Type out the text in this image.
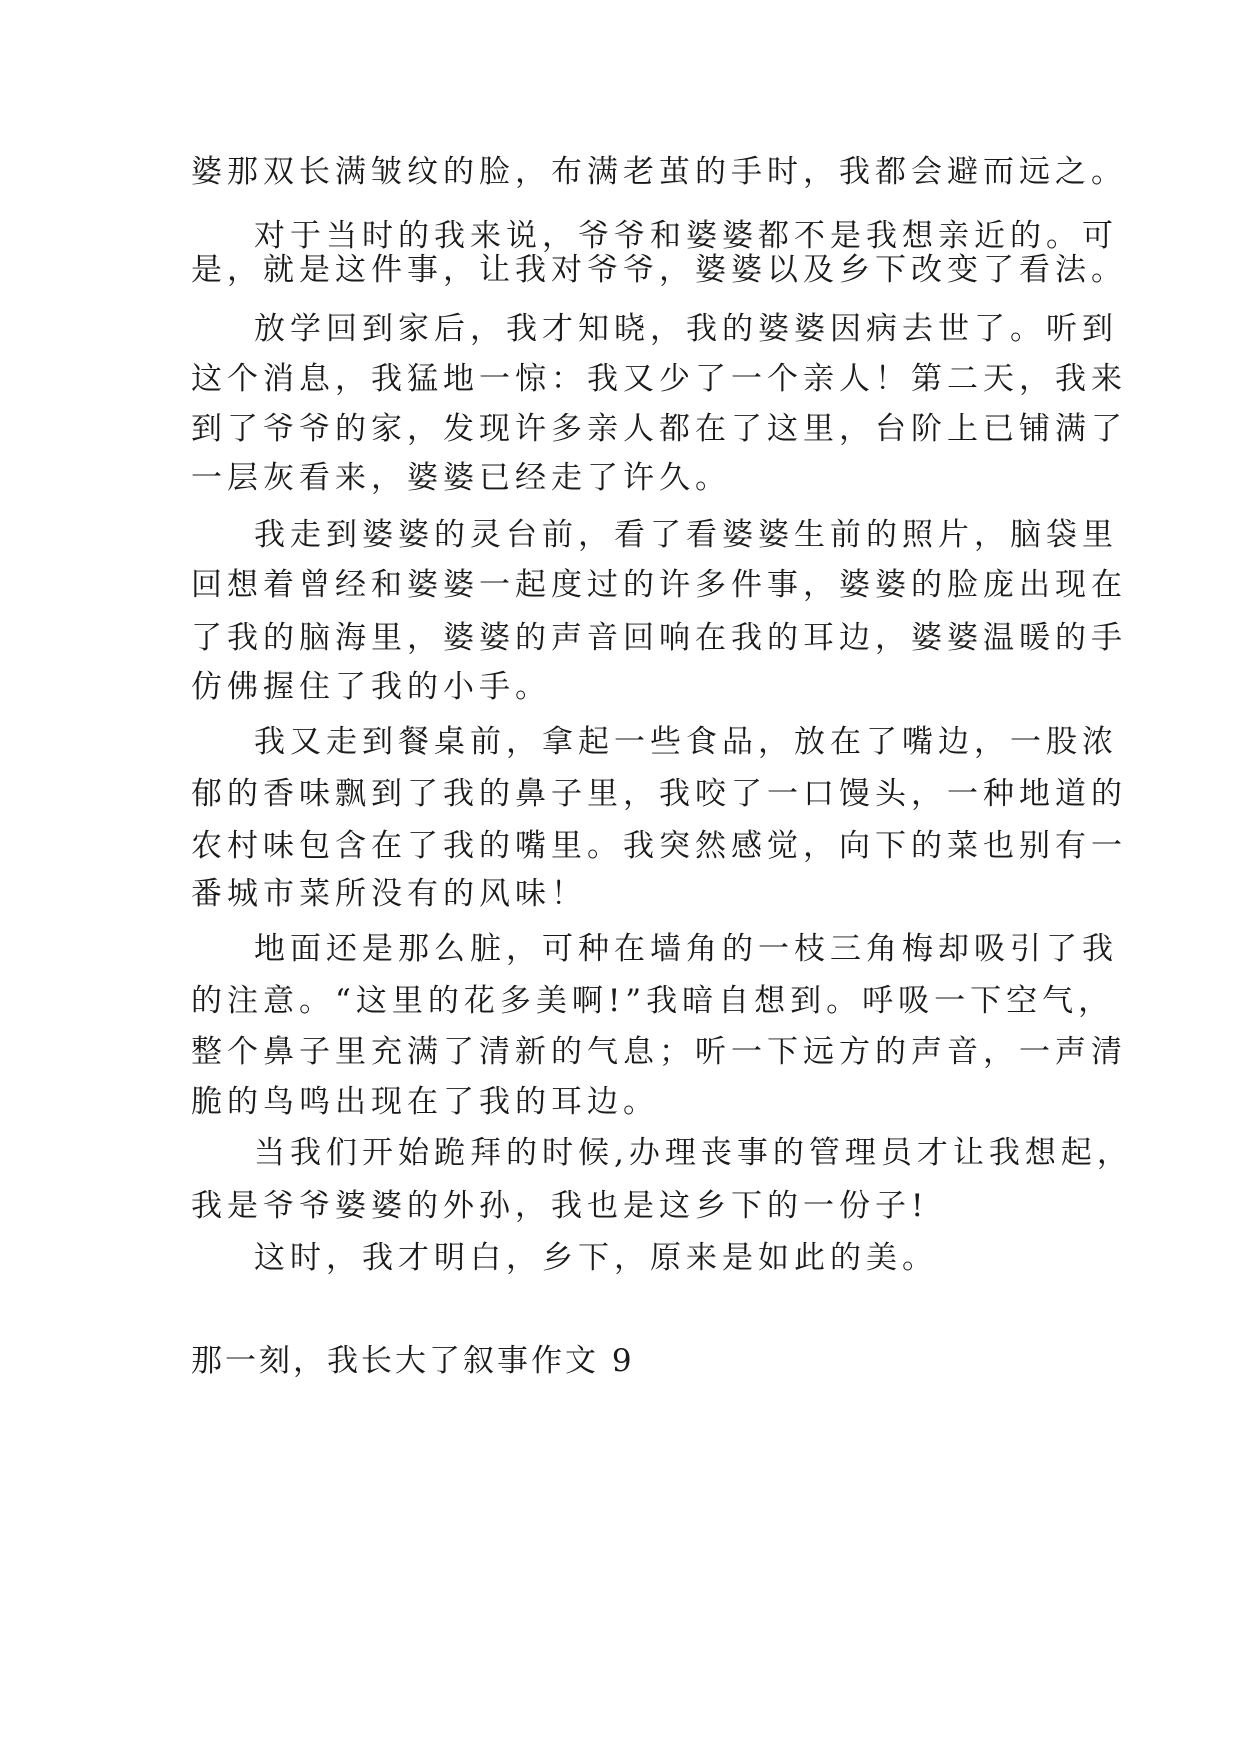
婆那双长满皱纹的脸，布满老茧的手时，我都会避而远之。

对于当时的我来说，爷爷和婆婆都不是我想亲近的。可

是，就是这件事，让我对爷爷，婆婆以及乡下改变了看法。

放学回到家后，我才知晓，我的婆婆因病去世了。听到

这个消息，我猛地一惊：我又少了一个亲人！第二天，我来

到了爷爷的家，发现许多亲人都在了这里，台阶上已铺满了

一层灰看来，婆婆已经走了许久。

我走到婆婆的灵台前，看了看婆婆生前的照片，脑袋里

回想着曾经和婆婆一起度过的许多件事，婆婆的脸庞出现在

了我的脑海里，婆婆的声音回响在我的耳边，婆婆温暖的手

仿佛握住了我的小手。

我又走到餐桌前，拿起一些食品，放在了嘴边，一股浓

郁的香味飘到了我的鼻子里，我咬了一口馒头，一种地道的

农村味包含在了我的嘴里。我突然感觉，向下的菜也别有一

番城市菜所没有的风味！

地面还是那么脏，可种在墙角的一枝三角梅却吸引了我

的注意。“这里的花多美啊!”我暗自想到。呼吸一下空气，

整个鼻子里充满了清新的气息；听一下远方的声音，一声清

脆的鸟鸣出现在了我的耳边。

当我们开始跪拜的时候,办理丧事的管理员才让我想起，

我是爷爷婆婆的外孙，我也是这乡下的一份子!

这时，我才明白，乡下，原来是如此的美。

那一刻，我长大了叙事作文 9
